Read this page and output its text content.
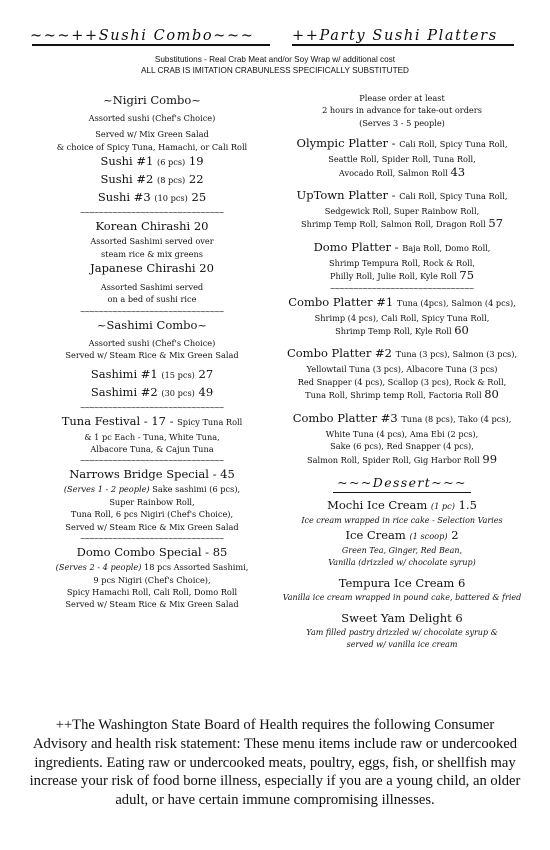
~~~++Sushi Combo~~~	++Party Sushi Platters
Substitutions - Real Crab Meat and/or Soy Wrap w/ additional cost
ALL CRAB IS IMITATION CRABUNLESS SPECIFICALLY SUBSTITUTED
~Nigiri Combo~
Assorted sushi (Chef's Choice)
Served w/ Mix Green Salad
& choice of Spicy Tuna, Hamachi, or Cali Roll
Sushi #1 (6 pcs) 19
Sushi #2 (8 pcs) 22
Sushi #3 (10 pcs) 25
~~~~~~~~~~~~~~~~~~~~~~~~~~~~~~~
Korean Chirashi 20
Assorted Sashimi served over
steam rice & mix greens
Japanese Chirashi 20
Assorted Sashimi served
on a bed of sushi rice
~~~~~~~~~~~~~~~~~~~~~~~~~~~~~~~
~Sashimi Combo~
Assorted sushi (Chef's Choice)
Served w/ Steam Rice & Mix Green Salad
Sashimi #1 (15 pcs) 27
Sashimi #2 (30 pcs) 49
~~~~~~~~~~~~~~~~~~~~~~~~~~~~~~~
Tuna Festival - 17 - Spicy Tuna Roll
& 1 pc Each - Tuna, White Tuna,
Albacore Tuna, & Cajun Tuna
~~~~~~~~~~~~~~~~~~~~~~~~~~~~~~~
Narrows Bridge Special - 45
(Serves 1 - 2 people) Sake sashimi (6 pcs),
Super Rainbow Roll,
Tuna Roll, 6 pcs Nigiri (Chef's Choice),
Served w/ Steam Rice & Mix Green Salad
~~~~~~~~~~~~~~~~~~~~~~~~~~~~~~~
Domo Combo Special - 85
(Serves 2 - 4 people) 18 pcs Assorted Sashimi,
9 pcs Nigiri (Chef's Choice),
Spicy Hamachi Roll, Cali Roll, Domo Roll
Served w/ Steam Rice & Mix Green Salad
Please order at least
2 hours in advance for take-out orders
(Serves 3 - 5 people)
Olympic Platter - Cali Roll, Spicy Tuna Roll,
Seattle Roll, Spider Roll, Tuna Roll,
Avocado Roll, Salmon Roll 43
UpTown Platter - Cali Roll, Spicy Tuna Roll,
Sedgewick Roll, Super Rainbow Roll,
Shrimp Temp Roll, Salmon Roll, Dragon Roll 57
Domo Platter - Baja Roll, Domo Roll,
Shrimp Tempura Roll, Rock & Roll,
Philly Roll, Julie Roll, Kyle Roll 75
~~~~~~~~~~~~~~~~~~~~~~~~~~~~~~~
Combo Platter #1 Tuna (4pcs), Salmon (4 pcs),
Shrimp (4 pcs), Cali Roll, Spicy Tuna Roll,
Shrimp Temp Roll, Kyle Roll 60
Combo Platter #2 Tuna (3 pcs), Salmon (3 pcs),
Yellowtail Tuna (3 pcs), Albacore Tuna (3 pcs)
Red Snapper (4 pcs), Scallop (3 pcs), Rock & Roll,
Tuna Roll, Shrimp temp Roll, Factoria Roll 80
Combo Platter #3 Tuna (8 pcs), Tako (4 pcs),
White Tuna (4 pcs), Ama Ebi (2 pcs),
Sake (6 pcs), Red Snapper (4 pcs),
Salmon Roll, Spider Roll, Gig Harbor Roll 99
~~~Dessert~~~
Mochi Ice Cream (1 pc) 1.5
Ice cream wrapped in rice cake - Selection Varies
Ice Cream (1 scoop) 2
Green Tea, Ginger, Red Bean,
Vanilla (drizzled w/ chocolate syrup)
Tempura Ice Cream 6
Vanilla ice cream wrapped in pound cake, battered & fried
Sweet Yam Delight 6
Yam filled pastry drizzled w/ chocolate syrup &
served w/ vanilla ice cream
++The Washington State Board of Health requires the following Consumer Advisory and health risk statement: These menu items include raw or undercooked ingredients. Eating raw or undercooked meats, poultry, eggs, fish, or shellfish may increase your risk of food borne illness, especially if you are a young child, an older adult, or have certain immune compromising illnesses.
